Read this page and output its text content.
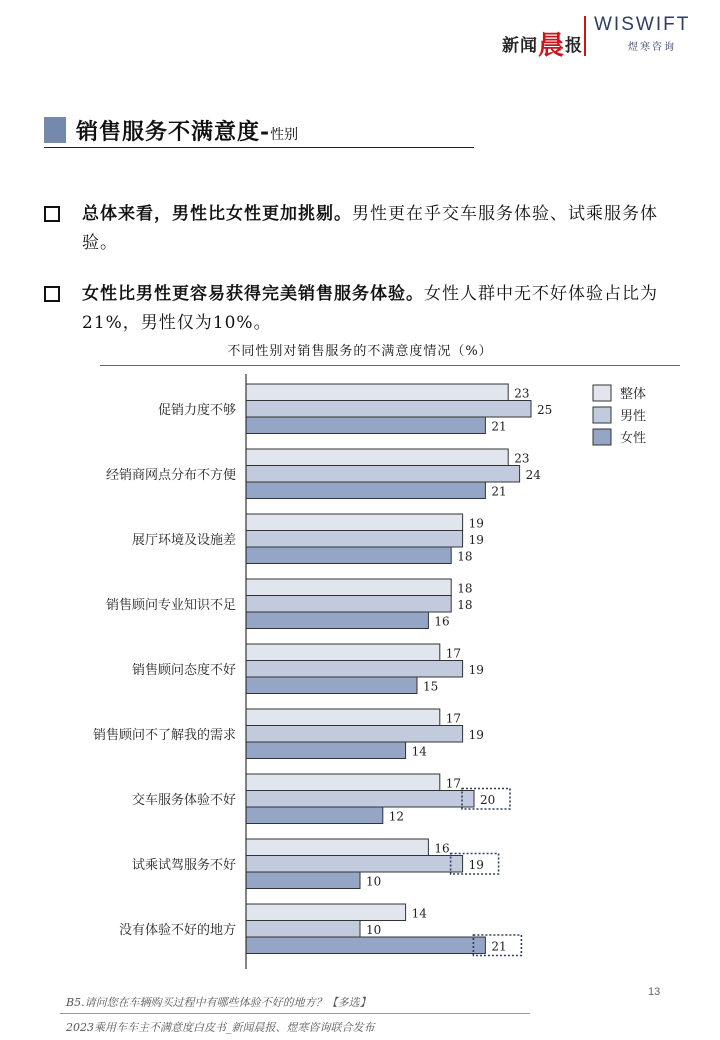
新闻晨报
WISWIFT
煜寒咨询
销售服务不满意度-性别
总体来看，男性比女性更加挑剔。男性更在乎交车服务体验、试乘服务体验。
女性比男性更容易获得完美销售服务体验。女性人群中无不好体验占比为21%，男性仅为10%。
不同性别对销售服务的不满意度情况（%）
23
25
21
促销力度不够
23
24
21
经销商网点分布不方便
19
19
18
展厅环境及设施差
18
18
16
销售顾问专业知识不足
17
19
15
销售顾问态度不好
17
19
14
销售顾问不了解我的需求
17
20
12
交车服务体验不好
16
19
10
试乘试驾服务不好
14
10
21
没有体验不好的地方
整体
男性
女性
B5.请问您在车辆购买过程中有哪些体验不好的地方？【多选】
2023乘用车车主不满意度白皮书_新闻晨报、煜寒咨询联合发布
13
